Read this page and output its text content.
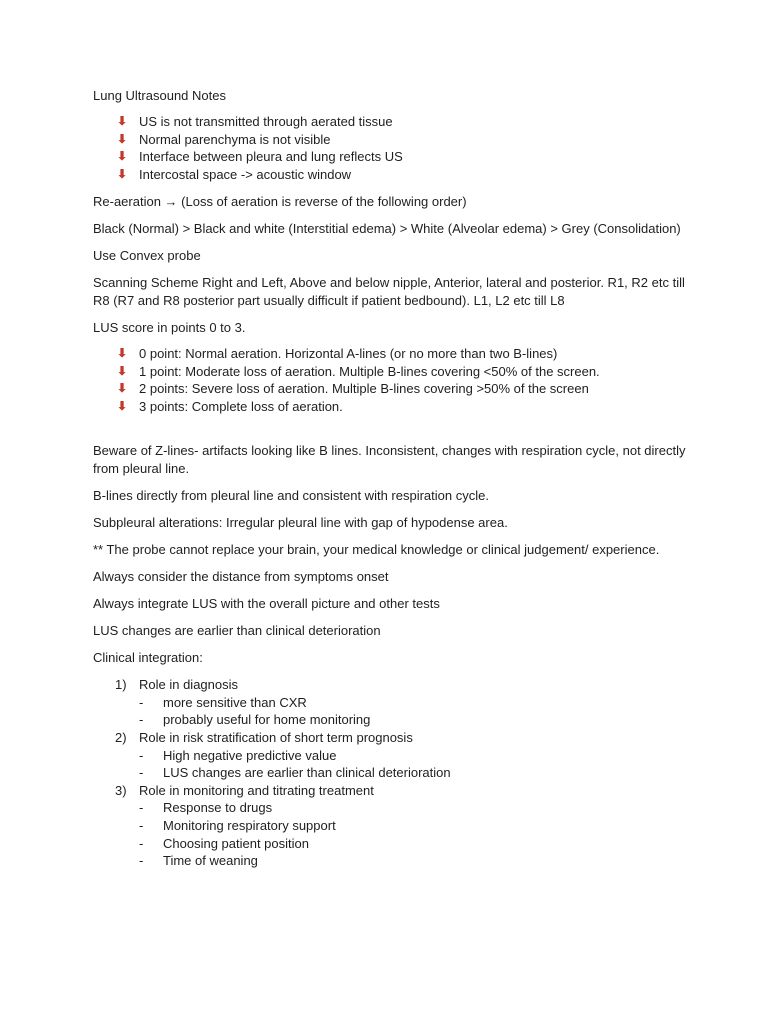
Lung Ultrasound Notes

⬇ US is not transmitted through aerated tissue
⬇ Normal parenchyma is not visible
⬇ Interface between pleura and lung reflects US
⬇ Intercostal space -> acoustic window

Re-aeration → (Loss of aeration is reverse of the following order)

Black (Normal) > Black and white (Interstitial edema) > White (Alveolar edema) > Grey (Consolidation)

Use Convex probe

Scanning Scheme Right and Left, Above and below nipple, Anterior, lateral and posterior. R1, R2 etc till R8 (R7 and R8 posterior part usually difficult if patient bedbound). L1, L2 etc till L8

LUS score in points 0 to 3.

⬇ 0 point: Normal aeration. Horizontal A-lines (or no more than two B-lines)
⬇ 1 point: Moderate loss of aeration. Multiple B-lines covering <50% of the screen.
⬇ 2 points: Severe loss of aeration. Multiple B-lines covering >50% of the screen
⬇ 3 points: Complete loss of aeration.

Beware of Z-lines- artifacts looking like B lines. Inconsistent, changes with respiration cycle, not directly from pleural line.

B-lines directly from pleural line and consistent with respiration cycle.

Subpleural alterations: Irregular pleural line with gap of hypodense area.

** The probe cannot replace your brain, your medical knowledge or clinical judgement/ experience.

Always consider the distance from symptoms onset

Always integrate LUS with the overall picture and other tests

LUS changes are earlier than clinical deterioration

Clinical integration:

1) Role in diagnosis
- more sensitive than CXR
- probably useful for home monitoring
2) Role in risk stratification of short term prognosis
- High negative predictive value
- LUS changes are earlier than clinical deterioration
3) Role in monitoring and titrating treatment
- Response to drugs
- Monitoring respiratory support
- Choosing patient position
- Time of weaning
